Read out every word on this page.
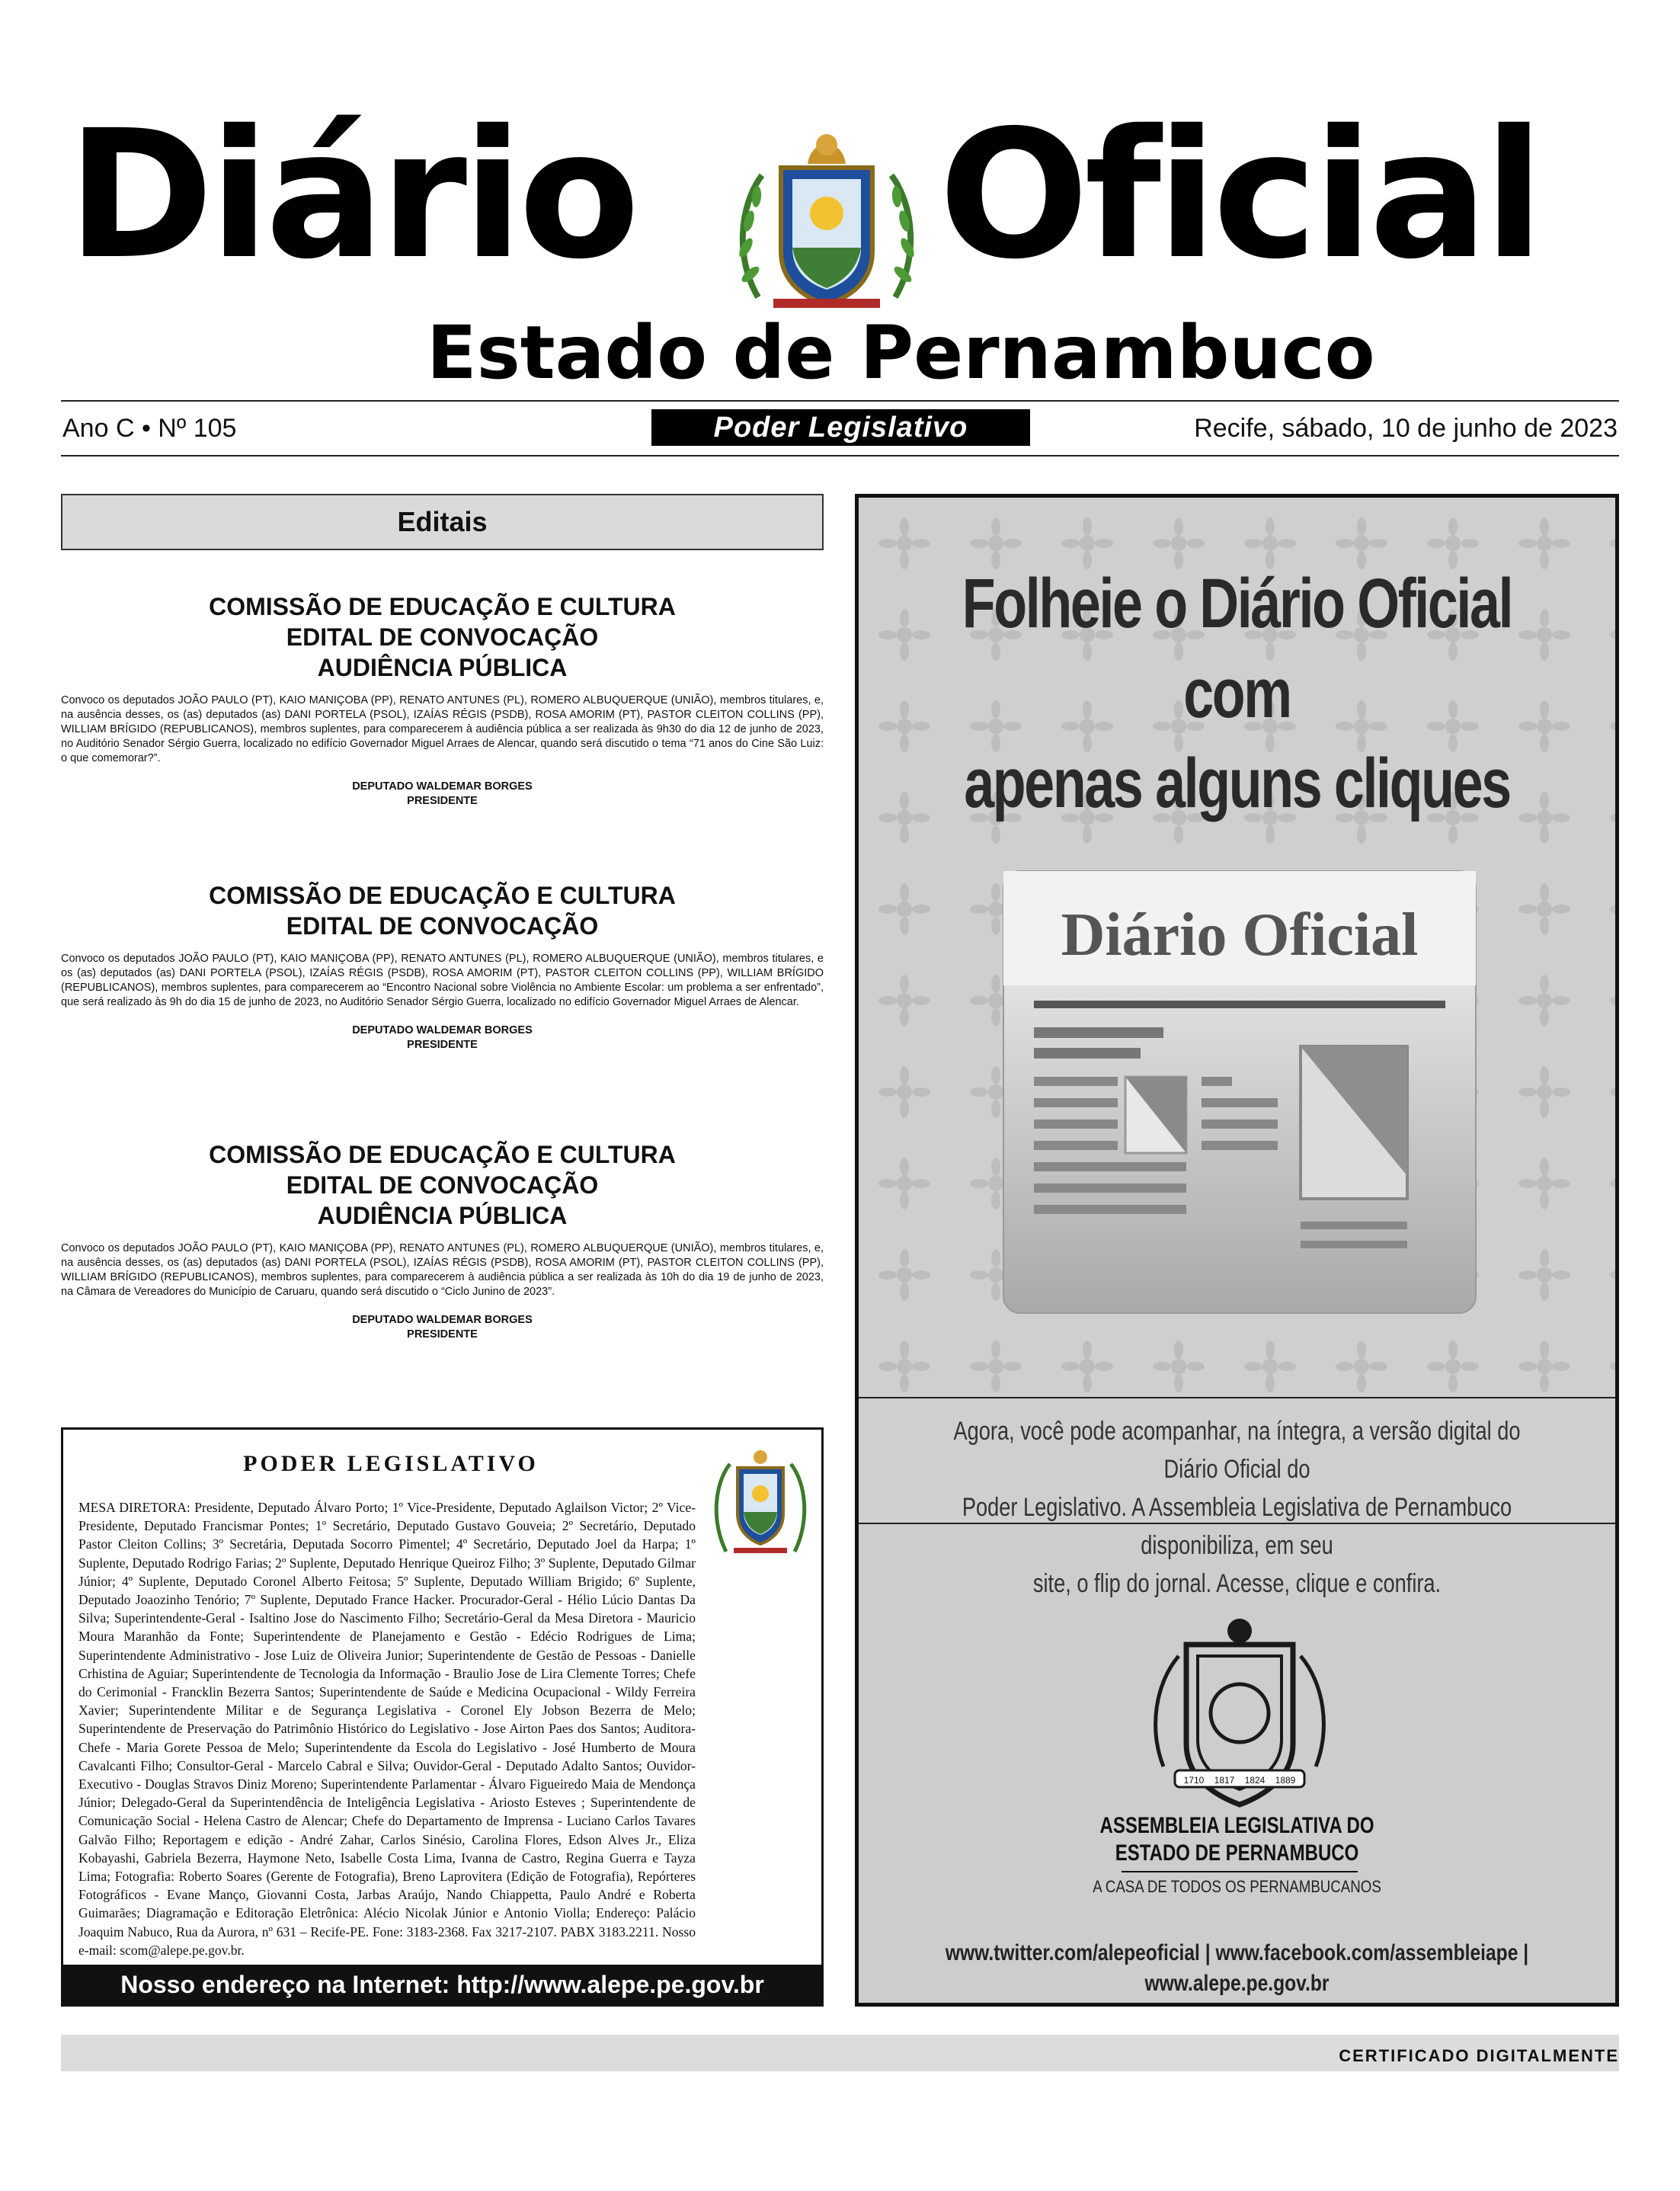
Diário Oficial
Estado de Pernambuco
Ano C • Nº 105	Poder Legislativo	Recife, sábado, 10 de junho de 2023
Editais
COMISSÃO DE EDUCAÇÃO E CULTURA
EDITAL DE CONVOCAÇÃO
AUDIÊNCIA PÚBLICA

Convoco os deputados JOÃO PAULO (PT), KAIO MANIÇOBA (PP), RENATO ANTUNES (PL), ROMERO ALBUQUERQUE (UNIÃO), membros titulares, e, na ausência desses, os (as) deputados (as) DANI PORTELA (PSOL), IZAÍAS RÉGIS (PSDB), ROSA AMORIM (PT), PASTOR CLEITON COLLINS (PP), WILLIAM BRÍGIDO (REPUBLICANOS), membros suplentes, para comparecerem à audiência pública a ser realizada às 9h30 do dia 12 de junho de 2023, no Auditório Senador Sérgio Guerra, localizado no edifício Governador Miguel Arraes de Alencar, quando será discutido o tema “71 anos do Cine São Luiz: o que comemorar?”.

DEPUTADO WALDEMAR BORGES
PRESIDENTE
COMISSÃO DE EDUCAÇÃO E CULTURA
EDITAL DE CONVOCAÇÃO

Convoco os deputados JOÃO PAULO (PT), KAIO MANIÇOBA (PP), RENATO ANTUNES (PL), ROMERO ALBUQUERQUE (UNIÃO), membros titulares, e os (as) deputados (as) DANI PORTELA (PSOL), IZAÍAS RÉGIS (PSDB), ROSA AMORIM (PT), PASTOR CLEITON COLLINS (PP), WILLIAM BRÍGIDO (REPUBLICANOS), membros suplentes, para comparecerem ao “Encontro Nacional sobre Violência no Ambiente Escolar: um problema a ser enfrentado”, que será realizado às 9h do dia 15 de junho de 2023, no Auditório Senador Sérgio Guerra, localizado no edifício Governador Miguel Arraes de Alencar.

DEPUTADO WALDEMAR BORGES
PRESIDENTE
COMISSÃO DE EDUCAÇÃO E CULTURA
EDITAL DE CONVOCAÇÃO
AUDIÊNCIA PÚBLICA

Convoco os deputados JOÃO PAULO (PT), KAIO MANIÇOBA (PP), RENATO ANTUNES (PL), ROMERO ALBUQUERQUE (UNIÃO), membros titulares, e, na ausência desses, os (as) deputados (as) DANI PORTELA (PSOL), IZAÍAS RÉGIS (PSDB), ROSA AMORIM (PT), PASTOR CLEITON COLLINS (PP), WILLIAM BRÍGIDO (REPUBLICANOS), membros suplentes, para comparecerem à audiência pública a ser realizada às 10h do dia 19 de junho de 2023, na Câmara de Vereadores do Município de Caruaru, quando será discutido o “Ciclo Junino de 2023”.

DEPUTADO WALDEMAR BORGES
PRESIDENTE
PODER LEGISLATIVO
MESA DIRETORA: Presidente, Deputado Álvaro Porto; 1º Vice-Presidente, Deputado Aglailson Victor; 2º Vice-Presidente, Deputado Francismar Pontes; 1º Secretário, Deputado Gustavo Gouveia; 2º Secretário, Deputado Pastor Cleiton Collins; 3º Secretária, Deputada Socorro Pimentel; 4º Secretário, Deputado Joel da Harpa; 1º Suplente, Deputado Rodrigo Farias; 2º Suplente, Deputado Henrique Queiroz Filho; 3º Suplente, Deputado Gilmar Júnior; 4º Suplente, Deputado Coronel Alberto Feitosa; 5º Suplente, Deputado William Brigido; 6º Suplente, Deputado Joaozinho Tenório; 7º Suplente, Deputado France Hacker. Procurador-Geral - Hélio Lúcio Dantas Da Silva; Superintendente-Geral - Isaltino Jose do Nascimento Filho; Secretário-Geral da Mesa Diretora - Mauricio Moura Maranhão da Fonte; Superintendente de Planejamento e Gestão - Edécio Rodrigues de Lima; Superintendente Administrativo - Jose Luiz de Oliveira Junior; Superintendente de Gestão de Pessoas - Danielle Crhistina de Aguiar; Superintendente de Tecnologia da Informação - Braulio Jose de Lira Clemente Torres; Chefe do Cerimonial - Francklin Bezerra Santos; Superintendente de Saúde e Medicina Ocupacional - Wildy Ferreira Xavier; Superintendente Militar e de Segurança Legislativa - Coronel Ely Jobson Bezerra de Melo; Superintendente de Preservação do Patrimônio Histórico do Legislativo - Jose Airton Paes dos Santos; Auditora-Chefe - Maria Gorete Pessoa de Melo; Superintendente da Escola do Legislativo - José Humberto de Moura Cavalcanti Filho; Consultor-Geral - Marcelo Cabral e Silva; Ouvidor-Geral - Deputado Adalto Santos; Ouvidor-Executivo - Douglas Stravos Diniz Moreno; Superintendente Parlamentar - Álvaro Figueiredo Maia de Mendonça Júnior; Delegado-Geral da Superintendência de Inteligência Legislativa - Ariosto Esteves ; Superintendente de Comunicação Social - Helena Castro de Alencar; Chefe do Departamento de Imprensa - Luciano Carlos Tavares Galvão Filho; Reportagem e edição - André Zahar, Carlos Sinésio, Carolina Flores, Edson Alves Jr., Eliza Kobayashi, Gabriela Bezerra, Haymone Neto, Isabelle Costa Lima, Ivanna de Castro, Regina Guerra e Tayza Lima; Fotografia: Roberto Soares (Gerente de Fotografia), Breno Laprovitera (Edição de Fotografia), Repórteres Fotográficos - Evane Manço, Giovanni Costa, Jarbas Araújo, Nando Chiappetta, Paulo André e Roberta Guimarães; Diagramação e Editoração Eletrônica: Alécio Nicolak Júnior e Antonio Violla; Endereço: Palácio Joaquim Nabuco, Rua da Aurora, nº 631 – Recife-PE. Fone: 3183-2368. Fax 3217-2107. PABX 3183.2211. Nosso e-mail: scom@alepe.pe.gov.br.
Nosso endereço na Internet: http://www.alepe.pe.gov.br
Folheie o Diário Oficial com
apenas alguns cliques
Diário Oficial
Agora, você pode acompanhar, na íntegra, a versão digital do Diário Oficial do
Poder Legislativo. A Assembleia Legislativa de Pernambuco disponibiliza, em seu
site, o flip do jornal. Acesse, clique e confira.
1710 1817 1824 1889
ASSEMBLEIA LEGISLATIVA DO
ESTADO DE PERNAMBUCO
A CASA DE TODOS OS PERNAMBUCANOS
www.twitter.com/alepeoficial | www.facebook.com/assembleiape | www.alepe.pe.gov.br
CERTIFICADO DIGITALMENTE
